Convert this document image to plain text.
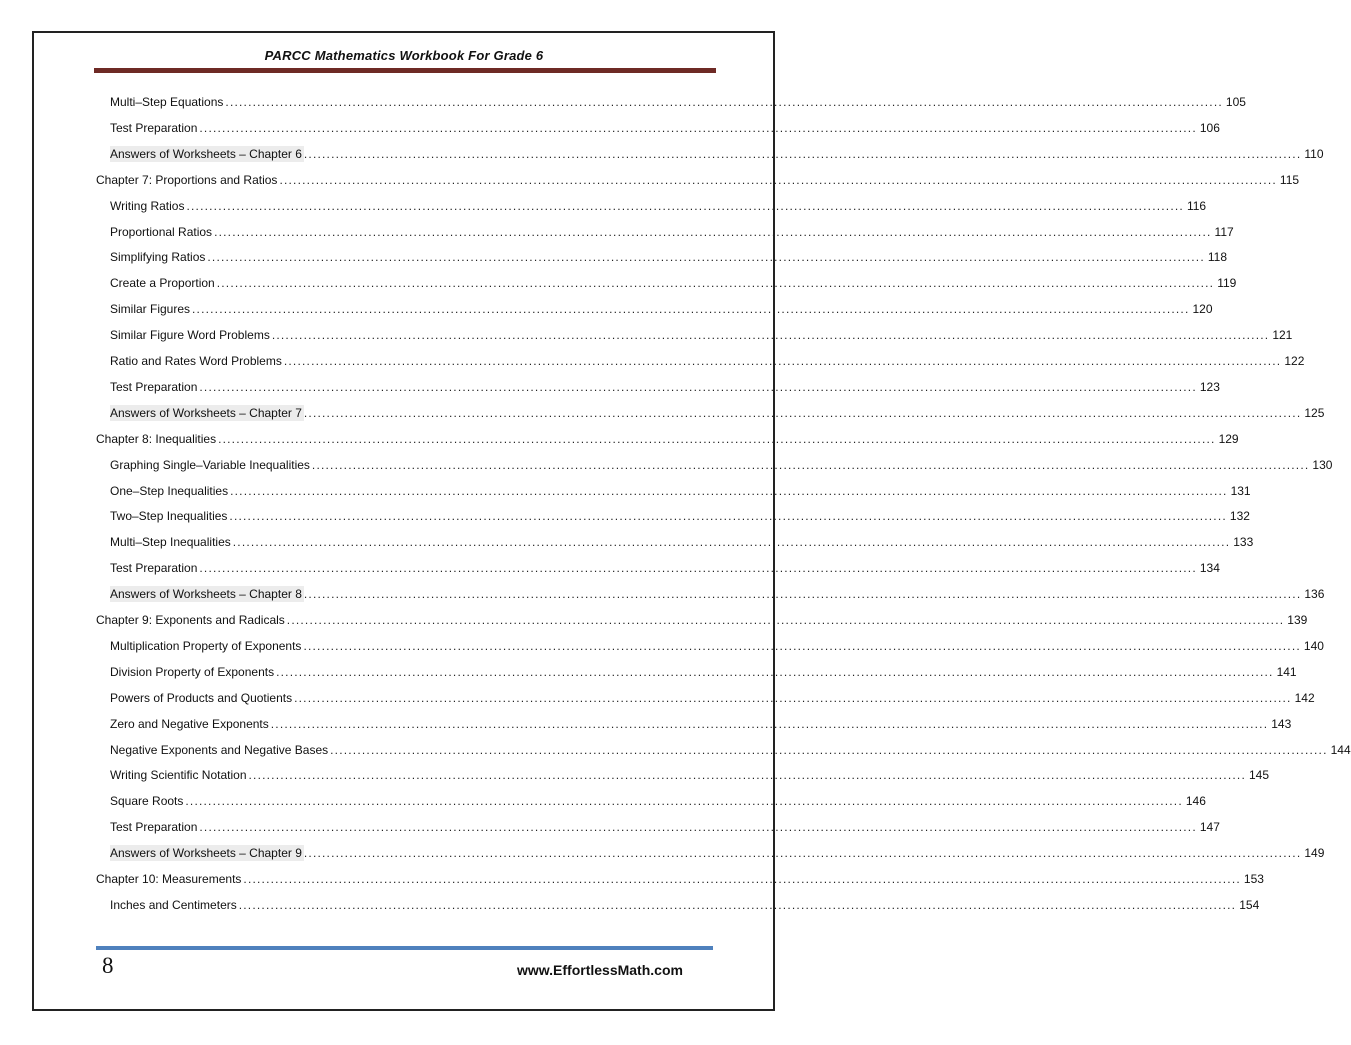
PARCC Mathematics Workbook For Grade 6
Multi–Step Equations ............................................................................................................................................................................................................................ 105
Test Preparation ............................................................................................................................................................................................................................ 106
Answers of Worksheets – Chapter 6 ............................................................................................................................................................................................................................ 110
Chapter 7: Proportions and Ratios ............................................................................................................................................................................................................................ 115
Writing Ratios ............................................................................................................................................................................................................................ 116
Proportional Ratios ............................................................................................................................................................................................................................ 117
Simplifying Ratios ............................................................................................................................................................................................................................ 118
Create a Proportion ............................................................................................................................................................................................................................ 119
Similar Figures ............................................................................................................................................................................................................................ 120
Similar Figure Word Problems ............................................................................................................................................................................................................................ 121
Ratio and Rates Word Problems ............................................................................................................................................................................................................................ 122
Test Preparation ............................................................................................................................................................................................................................ 123
Answers of Worksheets – Chapter 7 ............................................................................................................................................................................................................................ 125
Chapter 8: Inequalities ............................................................................................................................................................................................................................ 129
Graphing Single–Variable Inequalities ............................................................................................................................................................................................................................ 130
One–Step Inequalities ............................................................................................................................................................................................................................ 131
Two–Step Inequalities ............................................................................................................................................................................................................................ 132
Multi–Step Inequalities ............................................................................................................................................................................................................................ 133
Test Preparation ............................................................................................................................................................................................................................ 134
Answers of Worksheets – Chapter 8 ............................................................................................................................................................................................................................ 136
Chapter 9: Exponents and Radicals ............................................................................................................................................................................................................................ 139
Multiplication Property of Exponents ............................................................................................................................................................................................................................ 140
Division Property of Exponents ............................................................................................................................................................................................................................ 141
Powers of Products and Quotients ............................................................................................................................................................................................................................ 142
Zero and Negative Exponents ............................................................................................................................................................................................................................ 143
Negative Exponents and Negative Bases ............................................................................................................................................................................................................................ 144
Writing Scientific Notation ............................................................................................................................................................................................................................ 145
Square Roots ............................................................................................................................................................................................................................ 146
Test Preparation ............................................................................................................................................................................................................................ 147
Answers of Worksheets – Chapter 9 ............................................................................................................................................................................................................................ 149
Chapter 10: Measurements ............................................................................................................................................................................................................................ 153
Inches and Centimeters ............................................................................................................................................................................................................................ 154
8	www.EffortlessMath.com
